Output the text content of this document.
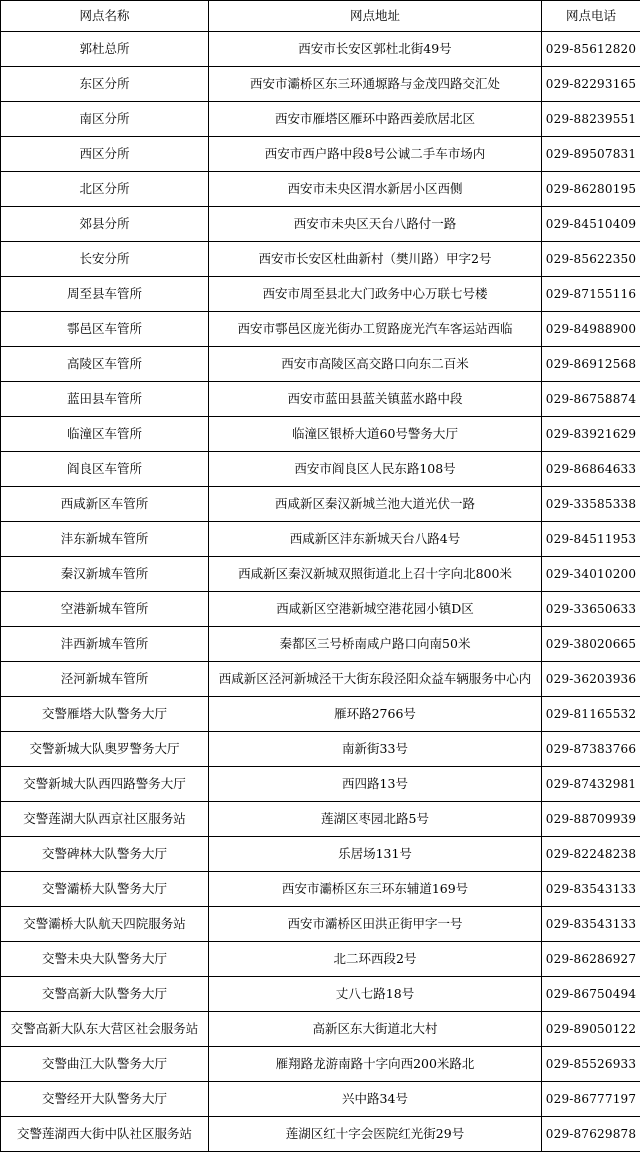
网点名称	网点地址	网点电话
郭杜总所	西安市长安区郭杜北街49号	029-85612820
东区分所	西安市灞桥区东三环通塬路与金茂四路交汇处	029-82293165
南区分所	西安市雁塔区雁环中路西姜欣居北区	029-88239551
西区分所	西安市西户路中段8号公诚二手车市场内	029-89507831
北区分所	西安市未央区渭水新居小区西侧	029-86280195
郊县分所	西安市未央区天台八路付一路	029-84510409
长安分所	西安市长安区杜曲新村（樊川路）甲字2号	029-85622350
周至县车管所	西安市周至县北大门政务中心万联七号楼	029-87155116
鄠邑区车管所	西安市鄠邑区庞光街办工贸路庞光汽车客运站西临	029-84988900
高陵区车管所	西安市高陵区高交路口向东二百米	029-86912568
蓝田县车管所	西安市蓝田县蓝关镇蓝水路中段	029-86758874
临潼区车管所	临潼区银桥大道60号警务大厅	029-83921629
阎良区车管所	西安市阎良区人民东路108号	029-86864633
西咸新区车管所	西咸新区秦汉新城兰池大道光伏一路	029-33585338
沣东新城车管所	西咸新区沣东新城天台八路4号	029-84511953
秦汉新城车管所	西咸新区秦汉新城双照街道北上召十字向北800米	029-34010200
空港新城车管所	西咸新区空港新城空港花园小镇D区	029-33650633
沣西新城车管所	秦都区三号桥南咸户路口向南50米	029-38020665
泾河新城车管所	西咸新区泾河新城泾干大街东段泾阳众益车辆服务中心内	029-36203936
交警雁塔大队警务大厅	雁环路2766号	029-81165532
交警新城大队奥罗警务大厅	南新街33号	029-87383766
交警新城大队西四路警务大厅	西四路13号	029-87432981
交警莲湖大队西京社区服务站	莲湖区枣园北路5号	029-88709939
交警碑林大队警务大厅	乐居场131号	029-82248238
交警灞桥大队警务大厅	西安市灞桥区东三环东辅道169号	029-83543133
交警灞桥大队航天四院服务站	西安市灞桥区田洪正街甲字一号	029-83543133
交警未央大队警务大厅	北二环西段2号	029-86286927
交警高新大队警务大厅	丈八七路18号	029-86750494
交警高新大队东大营区社会服务站	高新区东大街道北大村	029-89050122
交警曲江大队警务大厅	雁翔路龙游南路十字向西200米路北	029-85526933
交警经开大队警务大厅	兴中路34号	029-86777197
交警莲湖西大街中队社区服务站	莲湖区红十字会医院红光街29号	029-87629878
